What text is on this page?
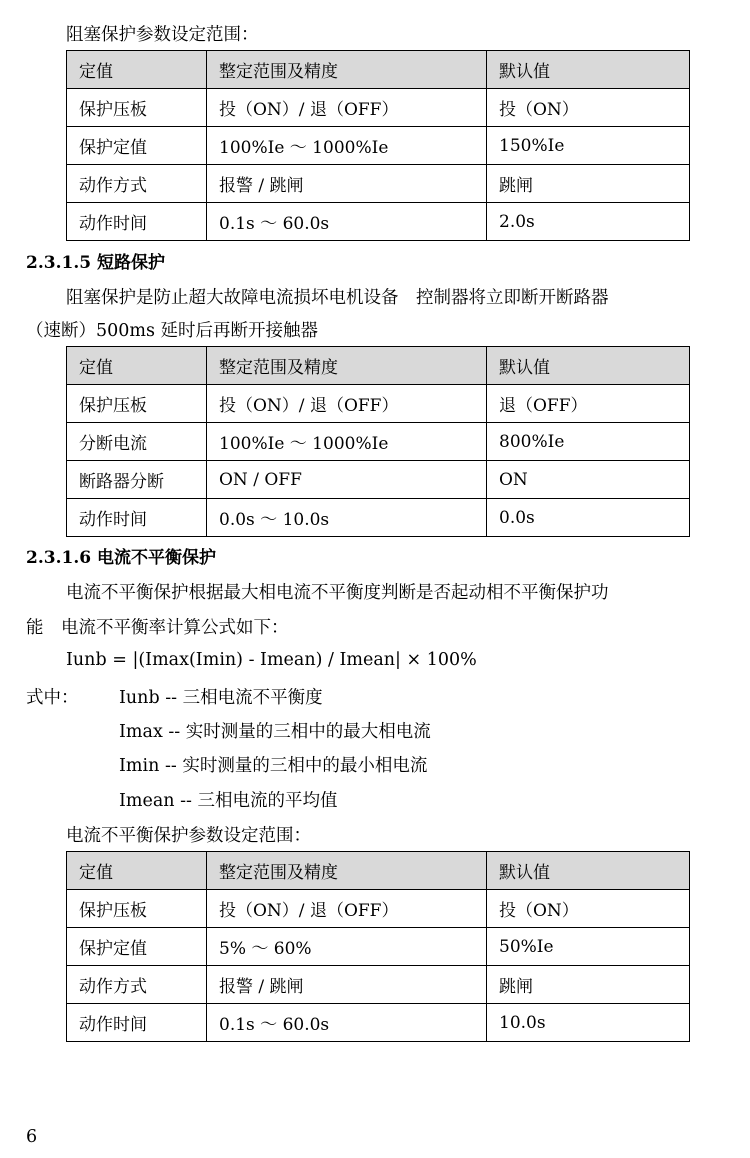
阻塞保护参数设定范围：
定值	整定范围及精度	默认值
保护压板	投（ON）/ 退（OFF）	投（ON）
保护定值	100%Ie ～ 1000%Ie	150%Ie
动作方式	报警 / 跳闸	跳闸
动作时间	0.1s ～ 60.0s	2.0s
2.3.1.5 短路保护
阻塞保护是防止超大故障电流损坏电机设备　控制器将立即断开断路器
（速断）500ms 延时后再断开接触器
定值	整定范围及精度	默认值
保护压板	投（ON）/ 退（OFF）	退（OFF）
分断电流	100%Ie ～ 1000%Ie	800%Ie
断路器分断	ON / OFF	ON
动作时间	0.0s ～ 10.0s	0.0s
2.3.1.6 电流不平衡保护
电流不平衡保护根据最大相电流不平衡度判断是否起动相不平衡保护功
能　电流不平衡率计算公式如下：
Iunb = |(Imax(Imin) - Imean) / Imean| × 100%
式中： Iunb -- 三相电流不平衡度
Imax -- 实时测量的三相中的最大相电流
Imin -- 实时测量的三相中的最小相电流
Imean -- 三相电流的平均值
电流不平衡保护参数设定范围：
定值	整定范围及精度	默认值
保护压板	投（ON）/ 退（OFF）	投（ON）
保护定值	5% ～ 60%	50%Ie
动作方式	报警 / 跳闸	跳闸
动作时间	0.1s ～ 60.0s	10.0s
6
